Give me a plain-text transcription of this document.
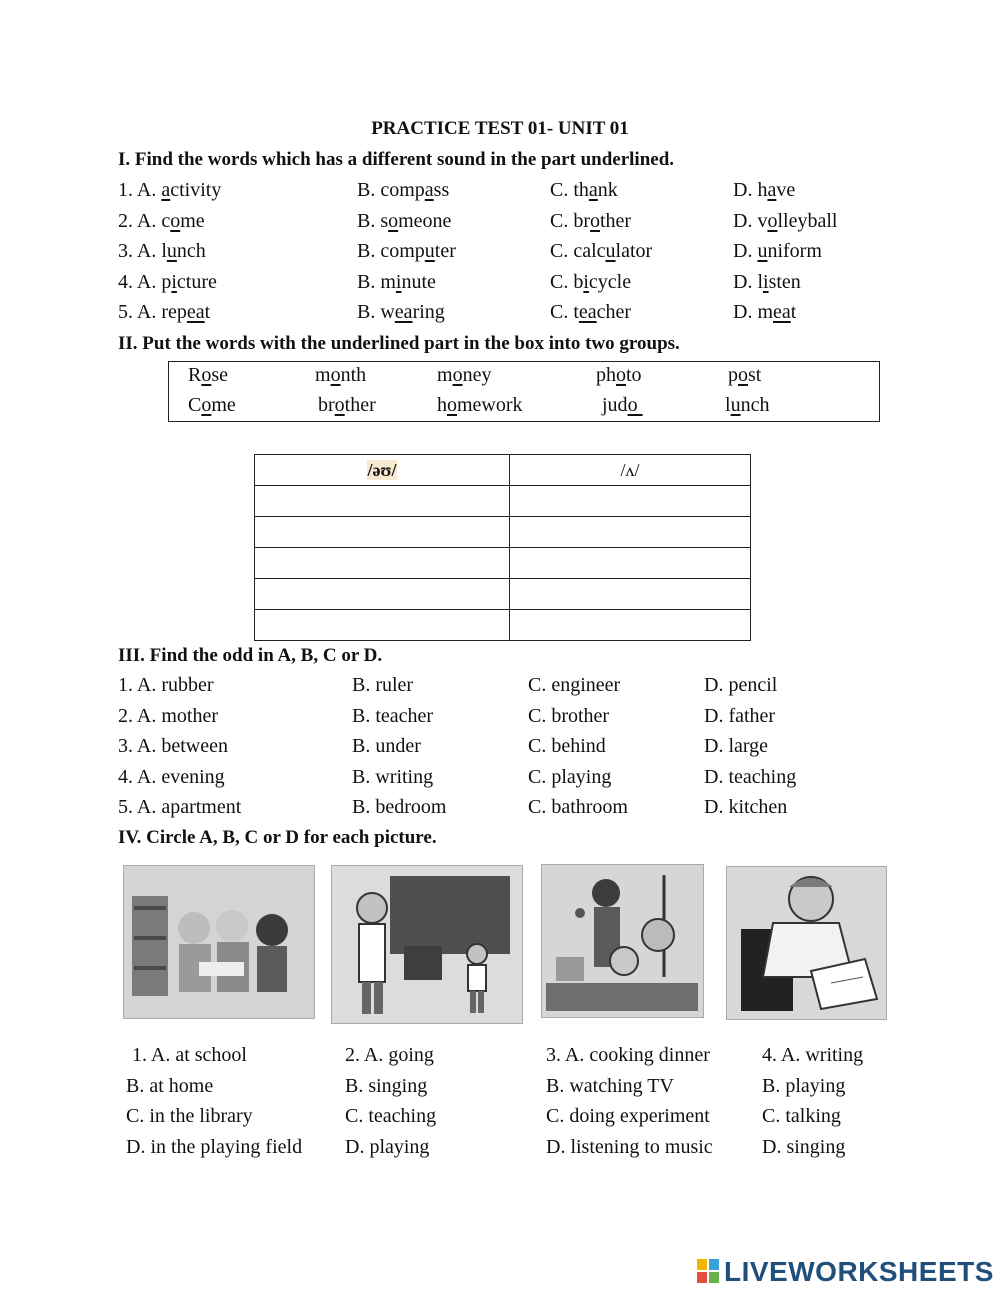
PRACTICE TEST 01- UNIT 01
I. Find the words which has a different sound in the part underlined.
1. A. activity	B. compass	C. thank	D. have
2. A. come	B. someone	C. brother	D. volleyball
3. A. lunch	B. computer	C. calculator	D. uniform
4. A. picture	B. minute	C. bicycle	D. listen
5. A. repeat	B. wearing	C. teacher	D. meat
II. Put the words with the underlined part in the box into two groups.
Rose	month	money	photo	post
Come	brother	homework	judo	lunch
/əʊ/	/ʌ/

III. Find the odd in A, B, C or D.
1. A. rubber	B. ruler	C. engineer	D. pencil
2. A. mother	B. teacher	C. brother	D. father
3. A. between	B. under	C. behind	D. large
4. A. evening	B. writing	C. playing	D. teaching
5. A. apartment	B. bedroom	C. bathroom	D. kitchen
IV. Circle A, B, C or D for each picture.
1. A. at school
B. at home
C. in the library
D. in the playing field
2. A. going
B. singing
C. teaching
D. playing
3. A. cooking dinner
B. watching TV
C. doing experiment
D. listening to music
4. A. writing
B. playing
C. talking
D. singing
LIVEWORKSHEETS
